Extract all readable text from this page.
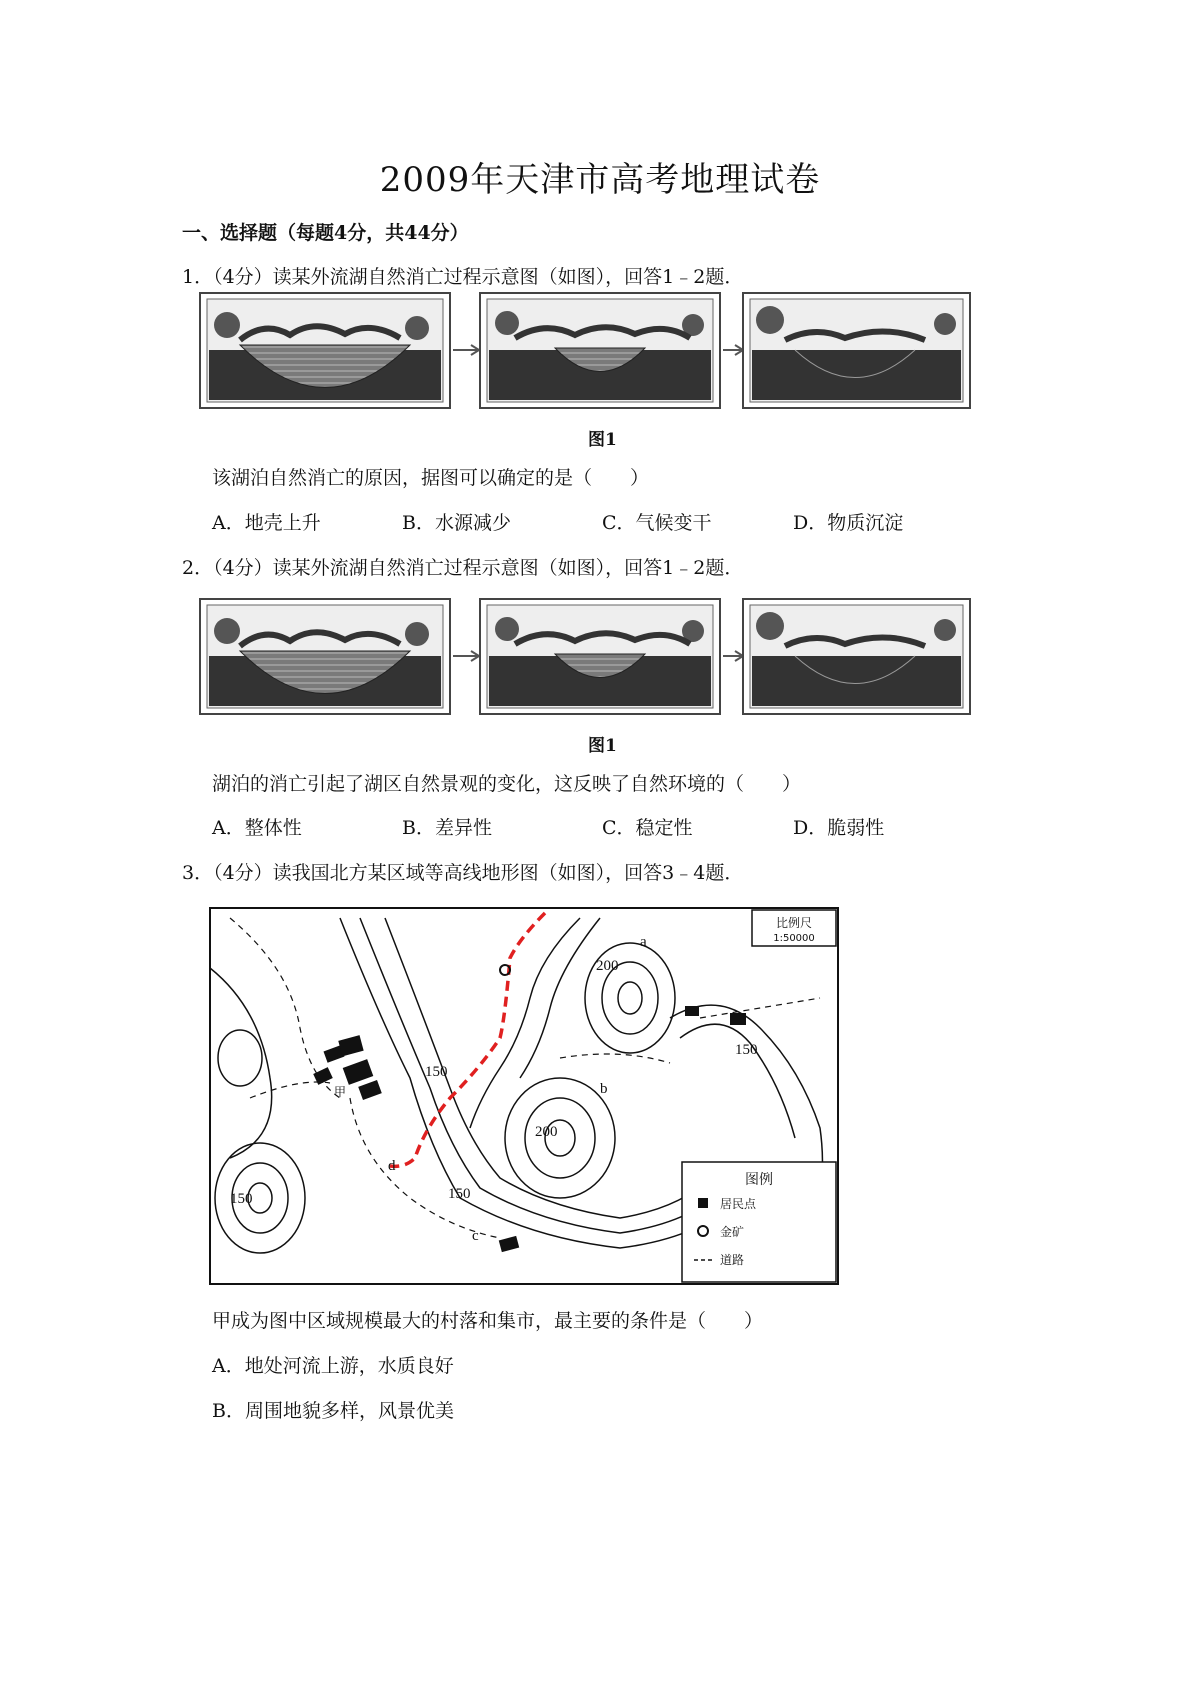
2009年天津市高考地理试卷
一、选择题（每题4分，共44分）
1．（4分）读某外流湖自然消亡过程示意图（如图），回答1﹣2题．
图1
该湖泊自然消亡的原因，据图可以确定的是（　　）
A．地壳上升	B．水源减少	C．气候变干	D．物质沉淀
2．（4分）读某外流湖自然消亡过程示意图（如图），回答1﹣2题．
图1
湖泊的消亡引起了湖区自然景观的变化，这反映了自然环境的（　　）
A．整体性	B．差异性	C．稳定性	D．脆弱性
3．（4分）读我国北方某区域等高线地形图（如图），回答3﹣4题．
a
b
c
d
200
150
150
200
150
150
甲
比例尺
1:50000
图例
居民点
金矿
道路
甲成为图中区域规模最大的村落和集市，最主要的条件是（　　）
A．地处河流上游，水质良好
B．周围地貌多样，风景优美
